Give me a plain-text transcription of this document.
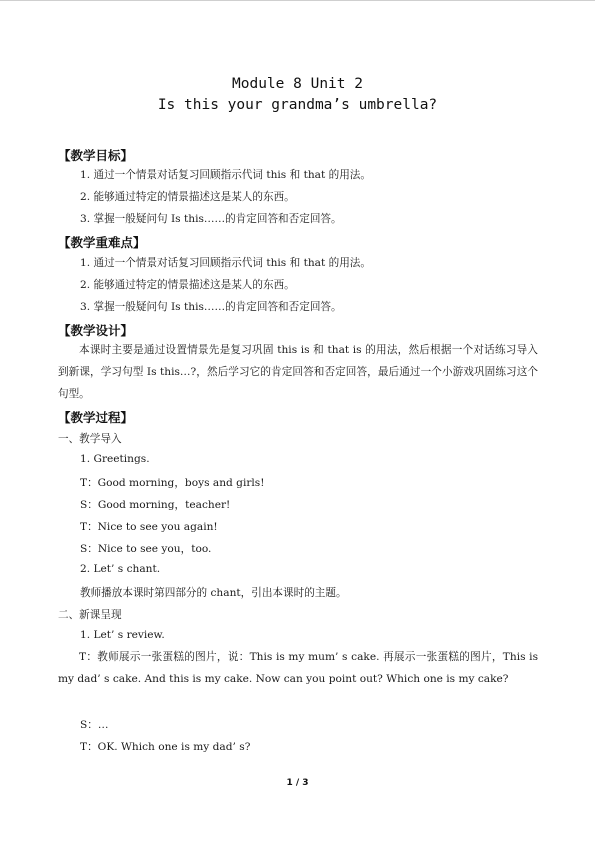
Module 8 Unit 2
Is this your grandma’s umbrella?
【教学目标】
1. 通过一个情景对话复习回顾指示代词 this 和 that 的用法。
2. 能够通过特定的情景描述这是某人的东西。
3. 掌握一般疑问句 Is this……的肯定回答和否定回答。
【教学重难点】
1. 通过一个情景对话复习回顾指示代词 this 和 that 的用法。
2. 能够通过特定的情景描述这是某人的东西。
3. 掌握一般疑问句 Is this……的肯定回答和否定回答。
【教学设计】
本课时主要是通过设置情景先是复习巩固 this is 和 that is 的用法，然后根据一个对话练习导入到新课，学习句型 Is this…?，然后学习它的肯定回答和否定回答，最后通过一个小游戏巩固练习这个句型。
【教学过程】
一、教学导入
1. Greetings.
T：Good morning，boys and girls!
S：Good morning，teacher!
T：Nice to see you again!
S：Nice to see you，too.
2. Let’ s chant.
教师播放本课时第四部分的 chant，引出本课时的主题。
二、新课呈现
1. Let’ s review.
T：教师展示一张蛋糕的图片，说：This is my mum’ s cake. 再展示一张蛋糕的图片，This is my dad’ s cake. And this is my cake. Now can you point out? Which one is my cake?
S：…
T：OK. Which one is my dad’ s?
1 / 3
